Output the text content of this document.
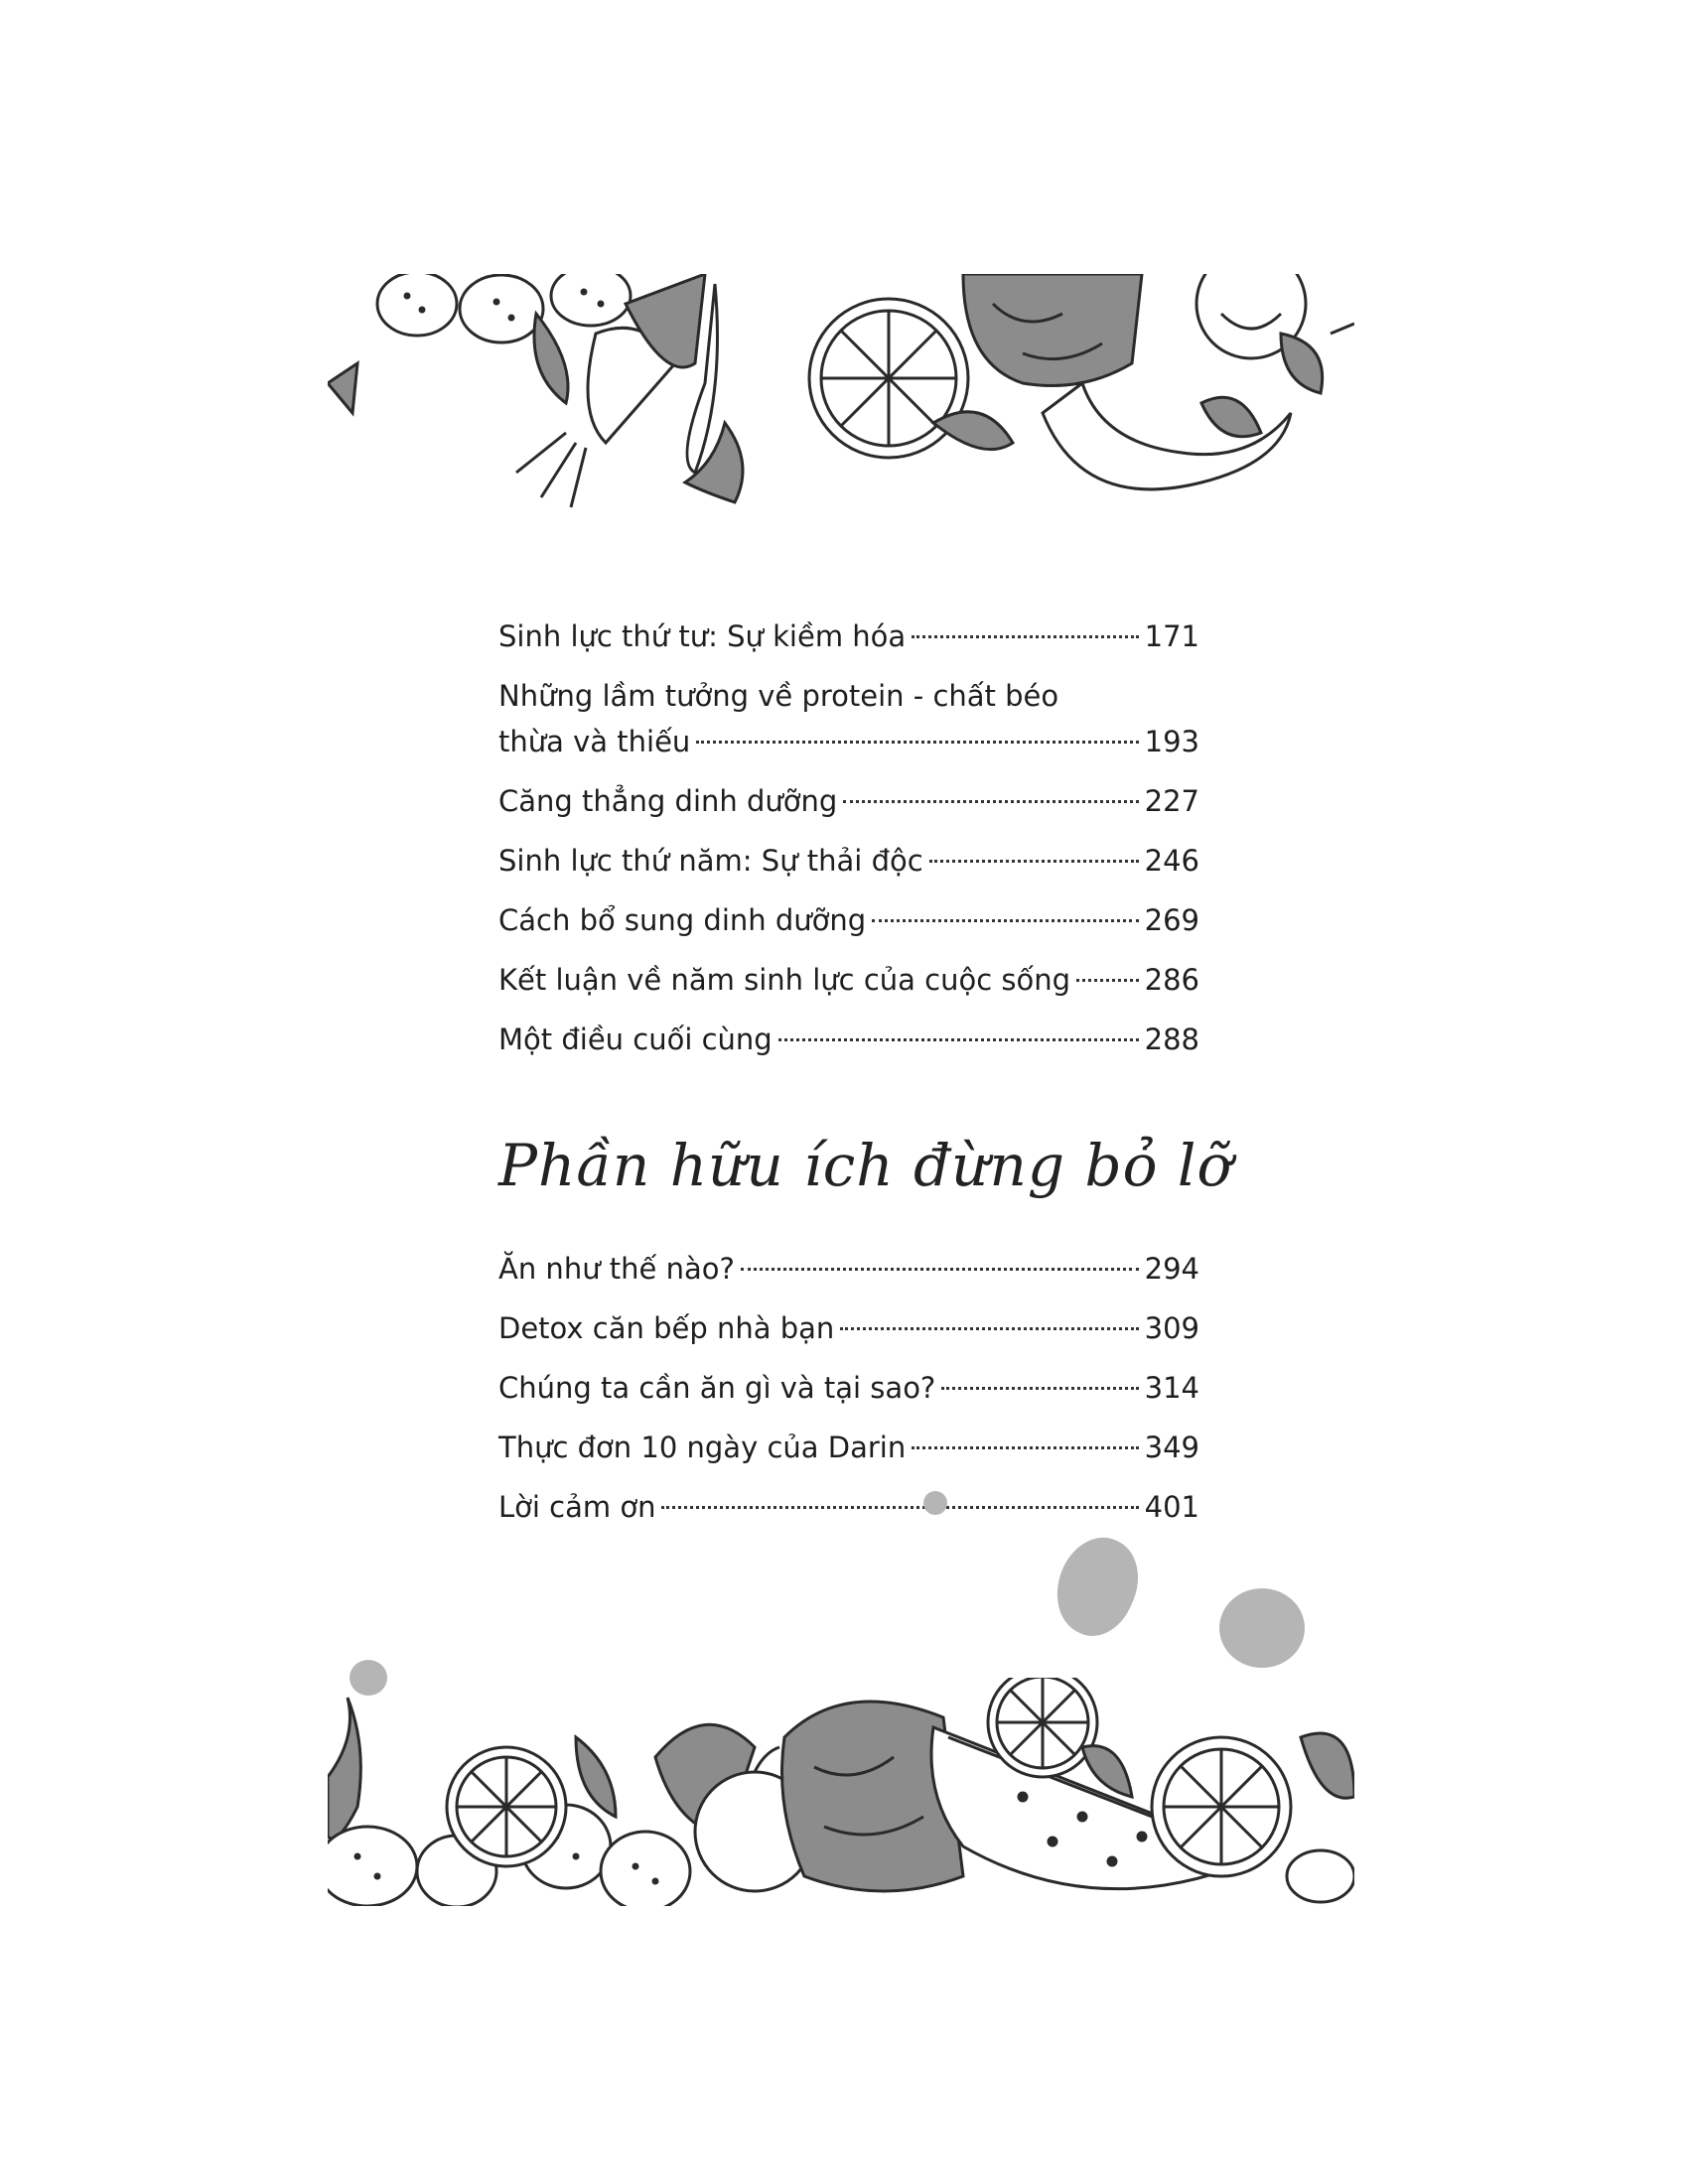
Sinh lực thứ tư: Sự kiềm hóa	171
Những lầm tưởng về protein - chất béo
thừa và thiếu	193
Căng thẳng dinh dưỡng	227
Sinh lực thứ năm: Sự thải độc	246
Cách bổ sung dinh dưỡng	269
Kết luận về năm sinh lực của cuộc sống	286
Một điều cuối cùng	288
Phần hữu ích đừng bỏ lỡ
Ăn như thế nào?	294
Detox căn bếp nhà bạn	309
Chúng ta cần ăn gì và tại sao?	314
Thực đơn 10 ngày của Darin	349
Lời cảm ơn	401
